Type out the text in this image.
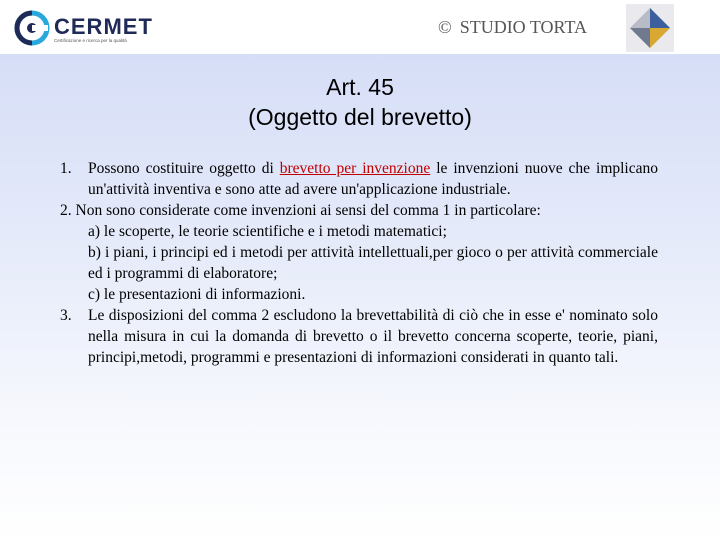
CERMET
Certificazione e ricerca per la qualità
© STUDIO TORTA
Art. 45
(Oggetto del brevetto)
1. Possono costituire oggetto di brevetto per invenzione le invenzioni nuove che implicano un'attività inventiva e sono atte ad avere un'applicazione industriale.
2. Non sono considerate come invenzioni ai sensi del comma 1 in particolare:
a) le scoperte, le teorie scientifiche e i metodi matematici;
b) i piani, i principi ed i metodi per attività intellettuali,per gioco o per attività commerciale ed i programmi di elaboratore;
c) le presentazioni di informazioni.
3. Le disposizioni del comma 2 escludono la brevettabilità di ciò che in esse e' nominato solo nella misura in cui la domanda di brevetto o il brevetto concerna scoperte, teorie, piani, principi,metodi, programmi e presentazioni di informazioni considerati in quanto tali.
